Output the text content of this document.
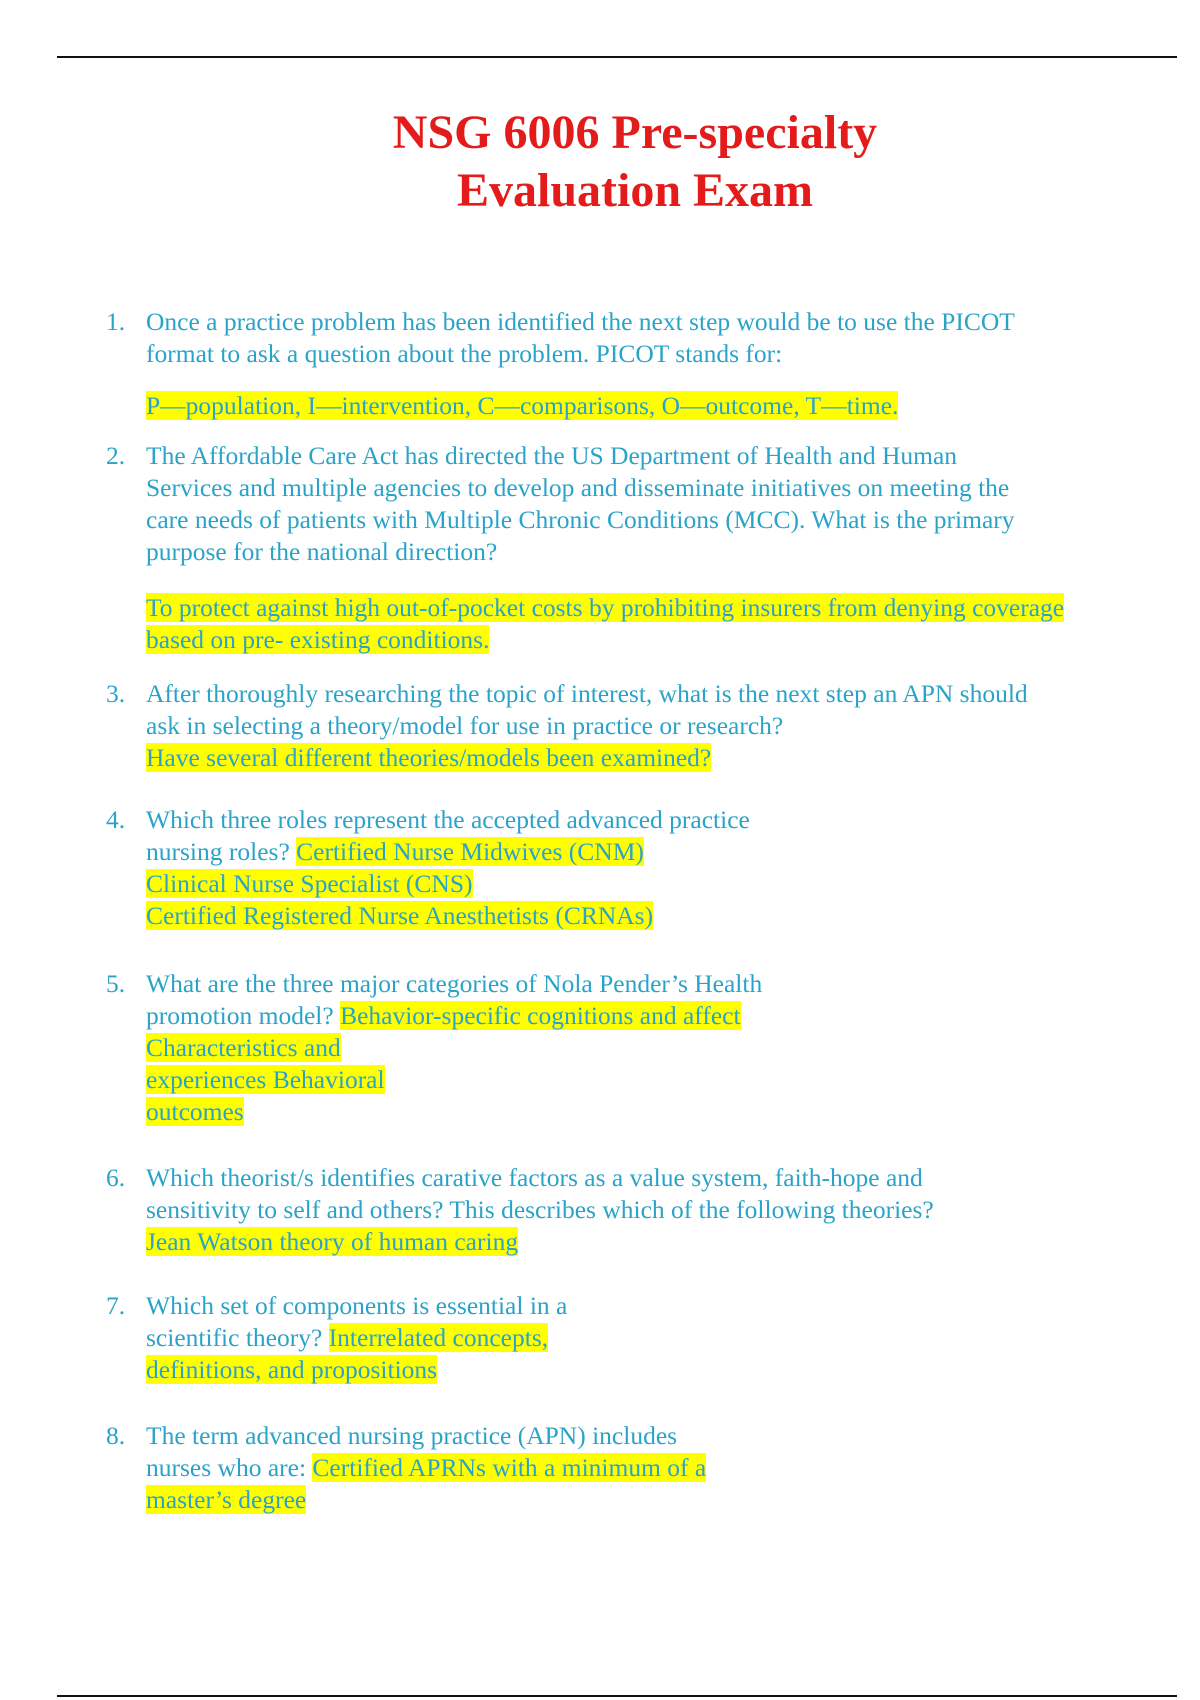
NSG 6006 Pre-specialty
Evaluation Exam
1. Once a practice problem has been identified the next step would be to use the PICOT
format to ask a question about the problem. PICOT stands for:
P—population, I—intervention, C—comparisons, O—outcome, T—time.
2. The Affordable Care Act has directed the US Department of Health and Human
Services and multiple agencies to develop and disseminate initiatives on meeting the
care needs of patients with Multiple Chronic Conditions (MCC). What is the primary
purpose for the national direction?
To protect against high out-of-pocket costs by prohibiting insurers from denying coverage
based on pre- existing conditions.
3. After thoroughly researching the topic of interest, what is the next step an APN should
ask in selecting a theory/model for use in practice or research?
Have several different theories/models been examined?
4. Which three roles represent the accepted advanced practice
nursing roles? Certified Nurse Midwives (CNM)
Clinical Nurse Specialist (CNS)
Certified Registered Nurse Anesthetists (CRNAs)
5. What are the three major categories of Nola Pender’s Health
promotion model? Behavior-specific cognitions and affect
Characteristics and
experiences Behavioral
outcomes
6. Which theorist/s identifies carative factors as a value system, faith-hope and
sensitivity to self and others? This describes which of the following theories?
Jean Watson theory of human caring
7. Which set of components is essential in a
scientific theory? Interrelated concepts,
definitions, and propositions
8. The term advanced nursing practice (APN) includes
nurses who are: Certified APRNs with a minimum of a
master’s degree
